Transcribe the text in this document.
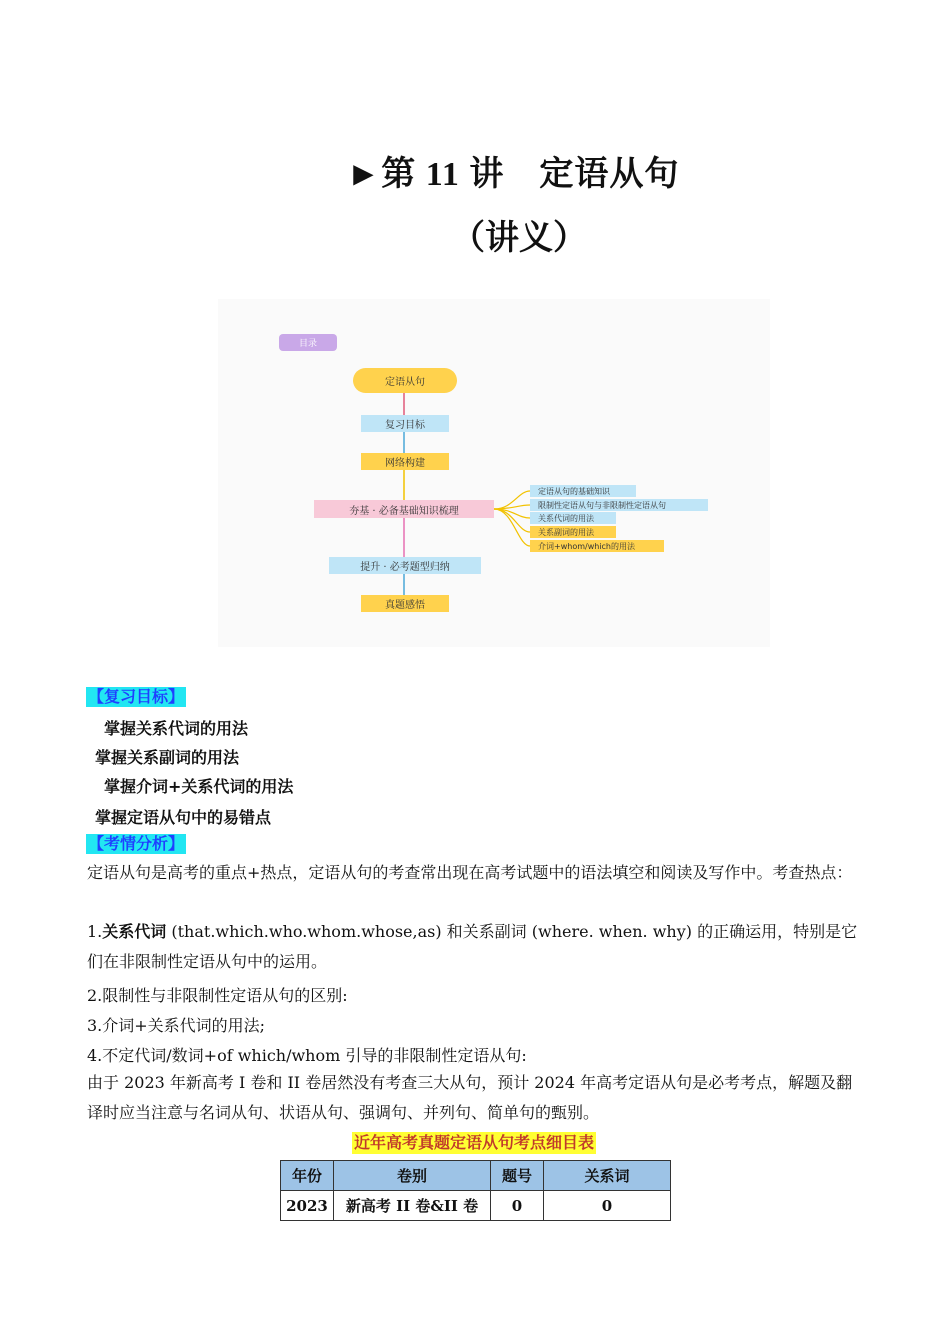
►第 11 讲　定语从句
（讲义）
目录
定语从句
复习目标
网络构建
夯基 · 必备基础知识梳理
提升 · 必考题型归纳
真题感悟
定语从句的基础知识
限制性定语从句与非限制性定语从句
关系代词的用法
关系副词的用法
介词+whom/which的用法
【复习目标】
掌握关系代词的用法
掌握关系副词的用法
掌握介词+关系代词的用法
掌握定语从句中的易错点
【考情分析】
定语从句是高考的重点+热点，定语从句的考查常出现在高考试题中的语法填空和阅读及写作中。考查热点：
1.关系代词 (that.which.who.whom.whose,as) 和关系副词 (where. when. why) 的正确运用，特别是它们在非限制性定语从句中的运用。
2.限制性与非限制性定语从句的区别:
3.介词+关系代词的用法;
4.不定代词/数词+of which/whom 引导的非限制性定语从句:
由于 2023 年新高考 I 卷和 II 卷居然没有考查三大从句，预计 2024 年高考定语从句是必考考点，解题及翻译时应当注意与名词从句、状语从句、强调句、并列句、简单句的甄别。
近年高考真题定语从句考点细目表
年份	卷别	题号	关系词
2023	新高考 II 卷&II 卷	0	0
